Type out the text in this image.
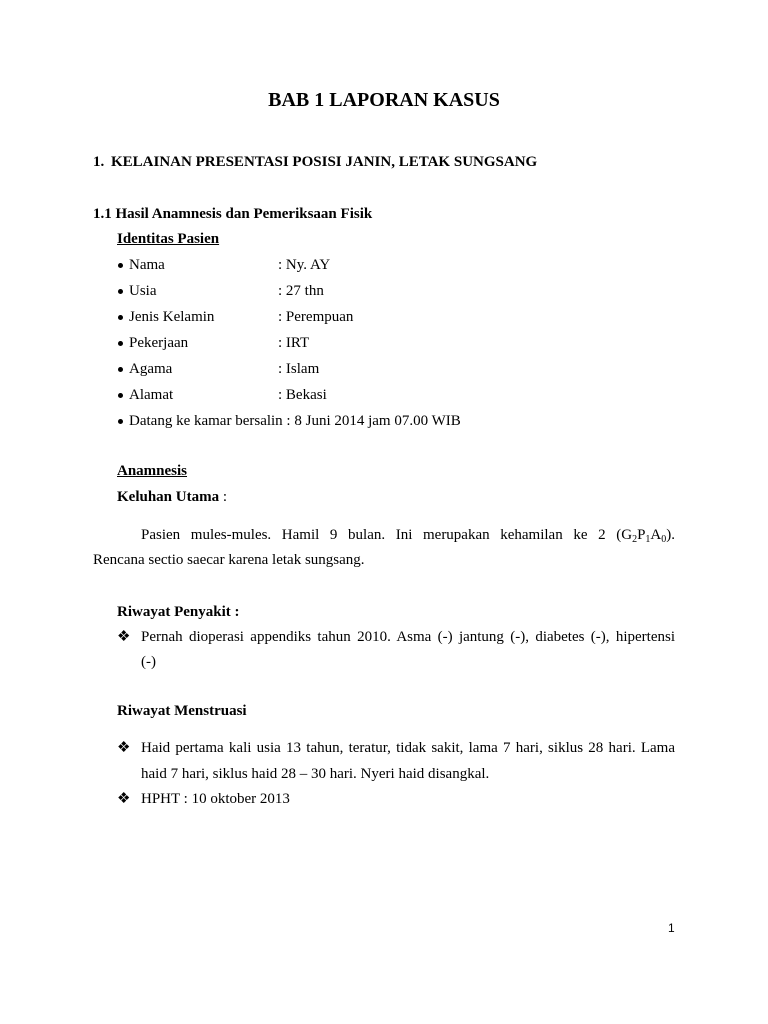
BAB 1 LAPORAN KASUS
1. KELAINAN PRESENTASI POSISI JANIN, LETAK SUNGSANG
1.1 Hasil Anamnesis dan Pemeriksaan Fisik
Identitas Pasien
Nama	: Ny. AY
Usia	: 27 thn
Jenis Kelamin	: Perempuan
Pekerjaan	: IRT
Agama	: Islam
Alamat	: Bekasi
Datang ke kamar bersalin : 8 Juni 2014 jam 07.00 WIB
Anamnesis
Keluhan Utama :
Pasien mules-mules. Hamil 9 bulan. Ini merupakan kehamilan ke 2 $(G_2P_1A_0)$.
Rencana sectio saecar karena letak sungsang.
Riwayat Penyakit :
❖ Pernah dioperasi appendiks tahun 2010. Asma (-) jantung (-), diabetes (-), hipertensi
(-)
Riwayat Menstruasi
❖ Haid pertama kali usia 13 tahun, teratur, tidak sakit, lama 7 hari, siklus 28 hari. Lama
haid 7 hari, siklus haid 28 – 30 hari. Nyeri haid disangkal.
❖ HPHT : 10 oktober 2013
1
